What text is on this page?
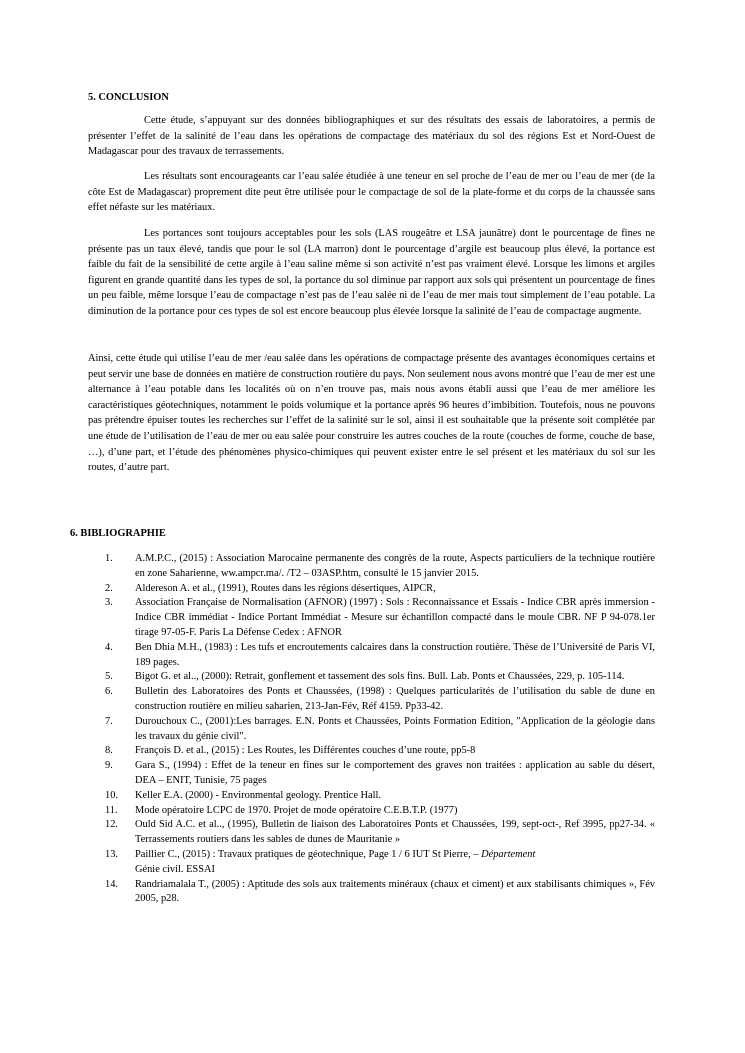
5. CONCLUSION

Cette étude, s’appuyant sur des données bibliographiques et sur des résultats des essais de laboratoires, a permis de présenter l’effet de la salinité de l’eau dans les opérations de compactage des matériaux du sol des régions Est et Nord-Ouest de Madagascar pour des travaux de terrassements.

Les résultats sont encourageants car l’eau salée étudiée à une teneur en sel proche de l’eau de mer ou l’eau de mer (de la côte Est de Madagascar) proprement dite peut être utilisée pour le compactage de sol de la plate-forme et du corps de la chaussée sans effet néfaste sur les matériaux.

Les portances sont toujours acceptables pour les sols (LAS rougeâtre et LSA jaunâtre) dont le pourcentage de fines ne présente pas un taux élevé, tandis que pour le sol (LA marron) dont le pourcentage d’argile est beaucoup plus élevé, la portance est faible du fait de la sensibilité de cette argile à l’eau saline même si son activité n’est pas vraiment élevé. Lorsque les limons et argiles figurent en grande quantité dans les types de sol, la portance du sol diminue par rapport aux sols qui présentent un pourcentage de fines un peu faible, même lorsque l’eau de compactage n’est pas de l’eau salée ni de l’eau de mer mais tout simplement de l’eau potable. La diminution de la portance pour ces types de sol est encore beaucoup plus élevée lorsque la salinité de l’eau de compactage augmente.

Ainsi, cette étude qui utilise l’eau de mer /eau salée dans les opérations de compactage présente des avantages économiques certains et peut servir une base de données en matière de construction routière du pays. Non seulement nous avons montré que l’eau de mer est une alternance à l’eau potable dans les localités où on n’en trouve pas, mais nous avons établi aussi que l’eau de mer améliore les caractéristiques géotechniques, notamment le poids volumique et la portance après 96 heures d’imbibition. Toutefois, nous ne pouvons pas prétendre épuiser toutes les recherches sur l’effet de la salinité sur le sol, ainsi il est souhaitable que la présente soit complétée par une étude de l’utilisation de l’eau de mer ou eau salée pour construire les autres couches de la route (couches de forme, couche de base, …), d’une part, et l’étude des phénomènes physico-chimiques qui peuvent exister entre le sel présent et les matériaux du sol sur les routes, d’autre part.

6. BIBLIOGRAPHIE
1.	A.M.P.C., (2015) : Association Marocaine permanente des congrès de la route, Aspects particuliers de la technique routière en zone Saharienne, ww.ampcr.ma/. /T2 – 03ASP.htm, consulté le 15 janvier 2015.
2.	Aldereson A. et al., (1991), Routes dans les régions désertiques, AIPCR,
3.	Association Française de Normalisation (AFNOR) (1997) : Sols : Reconnaissance et Essais - Indice CBR après immersion - Indice CBR immédiat - Indice Portant Immédiat - Mesure sur échantillon compacté dans le moule CBR. NF P 94-078.1er tirage 97-05-F. Paris La Défense Cedex : AFNOR
4.	Ben Dhia M.H., (1983) : Les tufs et encroutements calcaires dans la construction routière. Thèse de l’Université de Paris VI, 189 pages.
5.	Bigot G. et al.., (2000): Retrait, gonflement et tassement des sols fins. Bull. Lab. Ponts et Chaussées, 229, p. 105-114.
6.	Bulletin des Laboratoires des Ponts et Chaussées, (1998) : Quelques particularités de l’utilisation du sable de dune en construction routière en milieu saharien, 213-Jan-Fév, Réf 4159. Pp33-42.
7.	Durouchoux C., (2001):Les barrages. E.N. Ponts et Chaussées, Points Formation Edition, "Application de la géologie dans les travaux du génie civil".
8.	François D. et al., (2015) : Les Routes, les Différentes couches d’une route, pp5-8
9.	Gara S., (1994) : Effet de la teneur en fines sur le comportement des graves non traitées : application au sable du désert, DEA – ENIT, Tunisie, 75 pages
10.	Keller E.A. (2000) - Environmental geology. Prentice Hall.
11.	Mode opératoire LCPC de 1970. Projet de mode opératoire C.E.B.T.P. (1977)
12.	Ould Sid A.C. et al.., (1995), Bulletin de liaison des Laboratoires Ponts et Chaussées, 199, sept-oct-, Ref 3995, pp27-34. « Terrassements routiers dans les sables de dunes de Mauritanie »
13.	Paillier C., (2015) : Travaux pratiques de géotechnique, Page 1 / 6 IUT St Pierre, – Département
Génie civil. ESSAI
14.	Randriamalala T., (2005) : Aptitude des sols aux traitements minéraux (chaux et ciment) et aux stabilisants chimiques », Fév 2005, p28.
